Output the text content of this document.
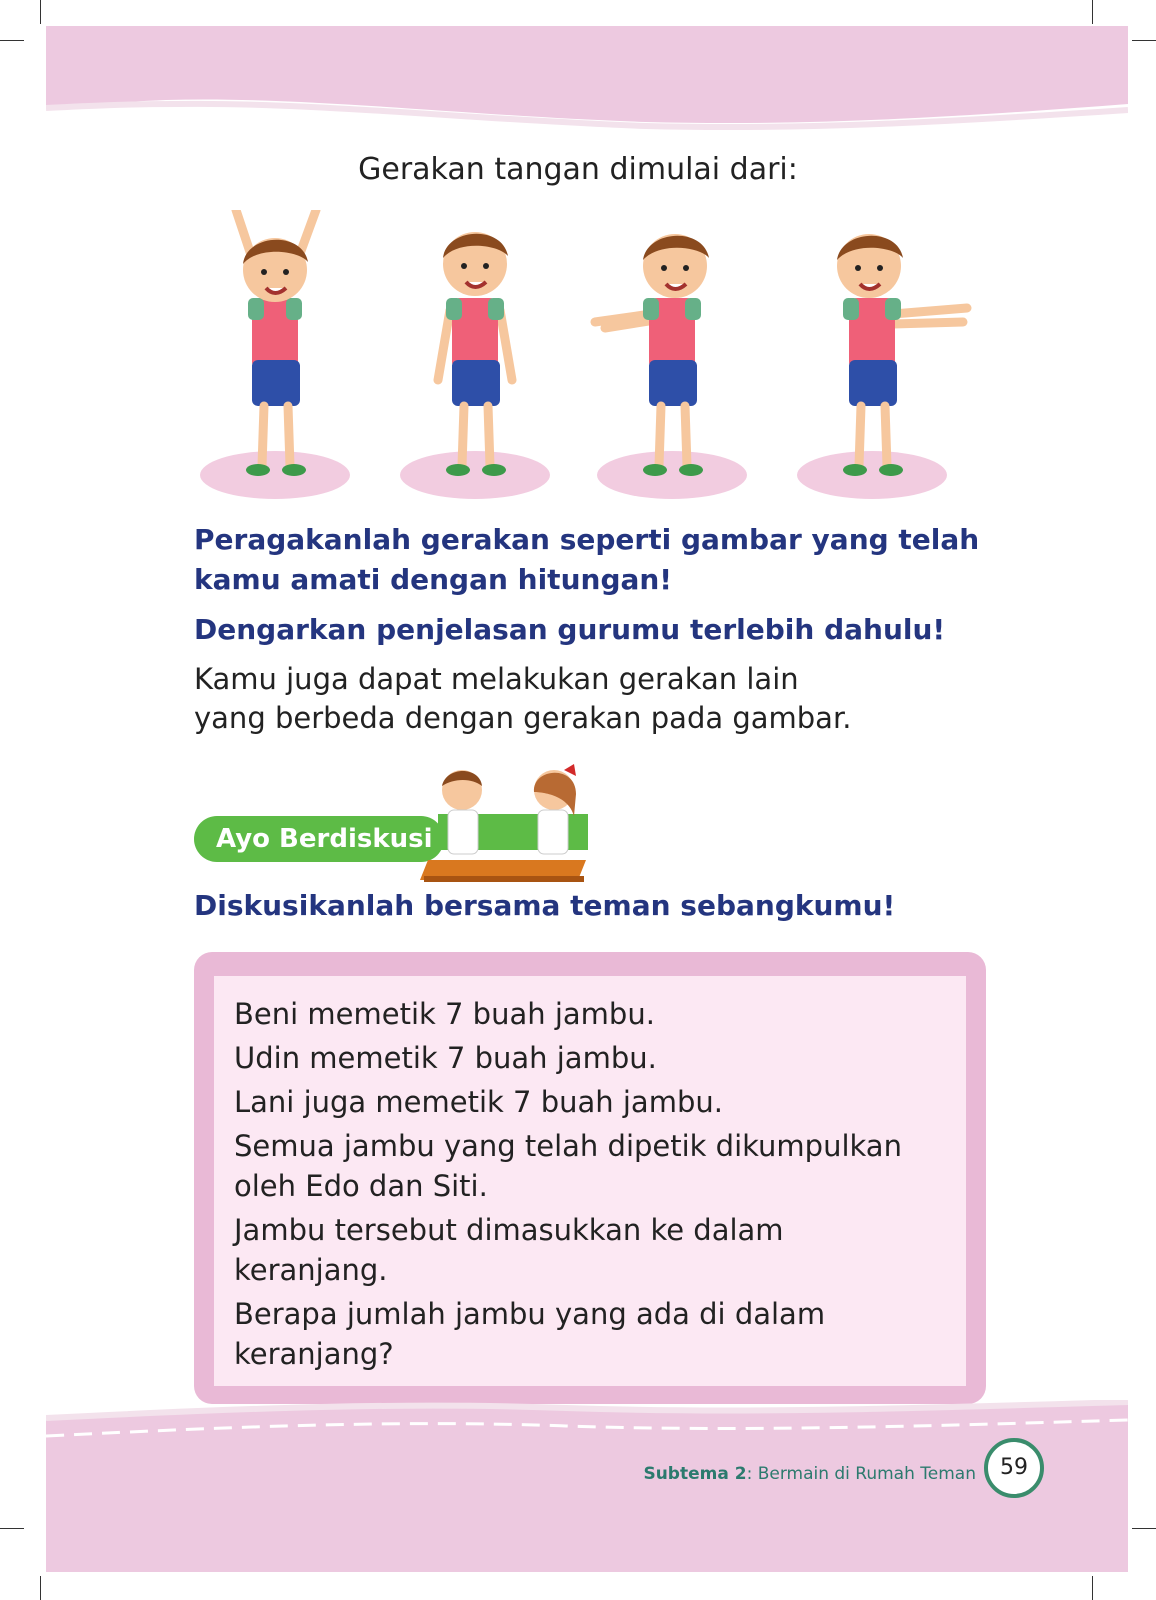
Gerakan tangan dimulai dari:
Peragakanlah gerakan seperti gambar yang telah
kamu amati dengan hitungan!
Dengarkan penjelasan gurumu terlebih dahulu!
Kamu juga dapat melakukan gerakan lain
yang berbeda dengan gerakan pada gambar.
Ayo Berdiskusi
Diskusikanlah bersama teman sebangkumu!

Beni memetik 7 buah jambu.

Udin memetik 7 buah jambu.

Lani juga memetik 7 buah jambu.

Semua jambu yang telah dipetik dikumpulkan
oleh Edo dan Siti.

Jambu tersebut dimasukkan ke dalam
keranjang.

Berapa jumlah jambu yang ada di dalam
keranjang?

Subtema 2: Bermain di Rumah Teman	59
